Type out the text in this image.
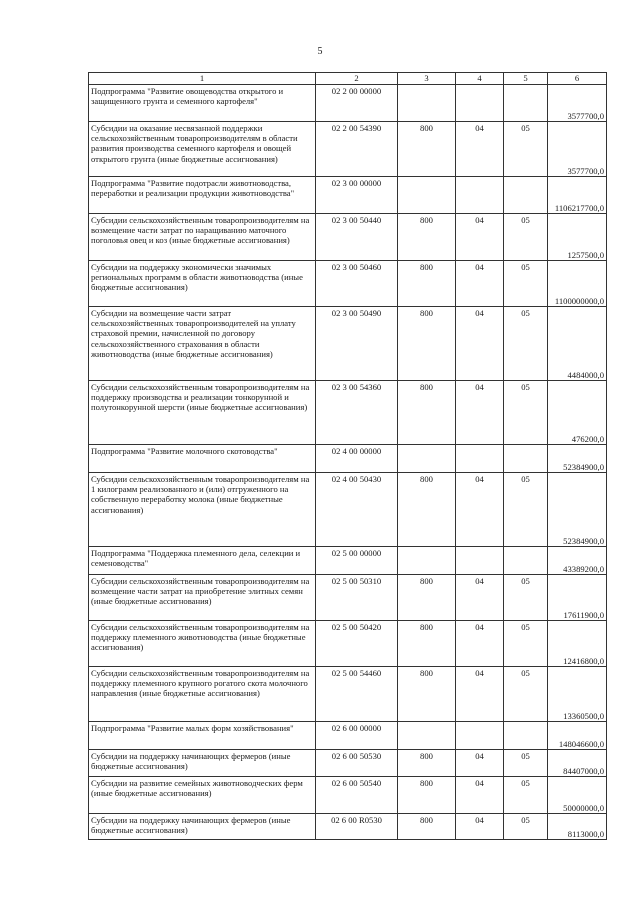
5
1	2	3	4	5	6
Подпрограмма "Развитие овощеводства открытого и защищенного грунта и семенного картофеля"	02 2 00 00000				3577700,0
Субсидии на оказание несвязанной поддержки сельскохозяйственным товаропроизводителям в области развития производства семенного картофеля и овощей открытого грунта (иные бюджетные ассигнования)	02 2 00 54390	800	04	05	3577700,0
Подпрограмма "Развитие подотрасли животноводства, переработки и реализации продукции животноводства"	02 3 00 00000				1106217700,0
Субсидии сельскохозяйственным товаропроизводителям на возмещение части затрат по наращиванию маточного поголовья овец и коз (иные бюджетные ассигнования)	02 3 00 50440	800	04	05	1257500,0
Субсидии на поддержку экономически значимых региональных программ в области животноводства (иные бюджетные ассигнования)	02 3 00 50460	800	04	05	1100000000,0
Субсидии на возмещение части затрат сельскохозяйственных товаропроизводителей на уплату страховой премии, начисленной по договору сельскохозяйственного страхования в области животноводства (иные бюджетные ассигнования)	02 3 00 50490	800	04	05	4484000,0
Субсидии сельскохозяйственным товаропроизводителям на поддержку производства и реализации тонкорунной и полутонкорунной шерсти (иные бюджетные ассигнования)	02 3 00 54360	800	04	05	476200,0
Подпрограмма "Развитие молочного скотоводства"	02 4 00 00000				52384900,0
Субсидии сельскохозяйственным товаропроизводителям на 1 килограмм реализованного и (или) отгруженного на собственную переработку молока (иные бюджетные ассигнования)	02 4 00 50430	800	04	05	52384900,0
Подпрограмма "Поддержка племенного дела, селекции и семеноводства"	02 5 00 00000				43389200,0
Субсидии сельскохозяйственным товаропроизводителям на возмещение части затрат на приобретение элитных семян (иные бюджетные ассигнования)	02 5 00 50310	800	04	05	17611900,0
Субсидии сельскохозяйственным товаропроизводителям на поддержку племенного животноводства (иные бюджетные ассигнования)	02 5 00 50420	800	04	05	12416800,0
Субсидии сельскохозяйственным товаропроизводителям на поддержку племенного крупного рогатого скота молочного направления (иные бюджетные ассигнования)	02 5 00 54460	800	04	05	13360500,0
Подпрограмма "Развитие малых форм хозяйствования"	02 6 00 00000				148046600,0
Субсидии на поддержку начинающих фермеров (иные бюджетные ассигнования)	02 6 00 50530	800	04	05	84407000,0
Субсидии на развитие семейных животноводческих ферм (иные бюджетные ассигнования)	02 6 00 50540	800	04	05	50000000,0
Субсидии на поддержку начинающих фермеров (иные бюджетные ассигнования)	02 6 00 R0530	800	04	05	8113000,0
